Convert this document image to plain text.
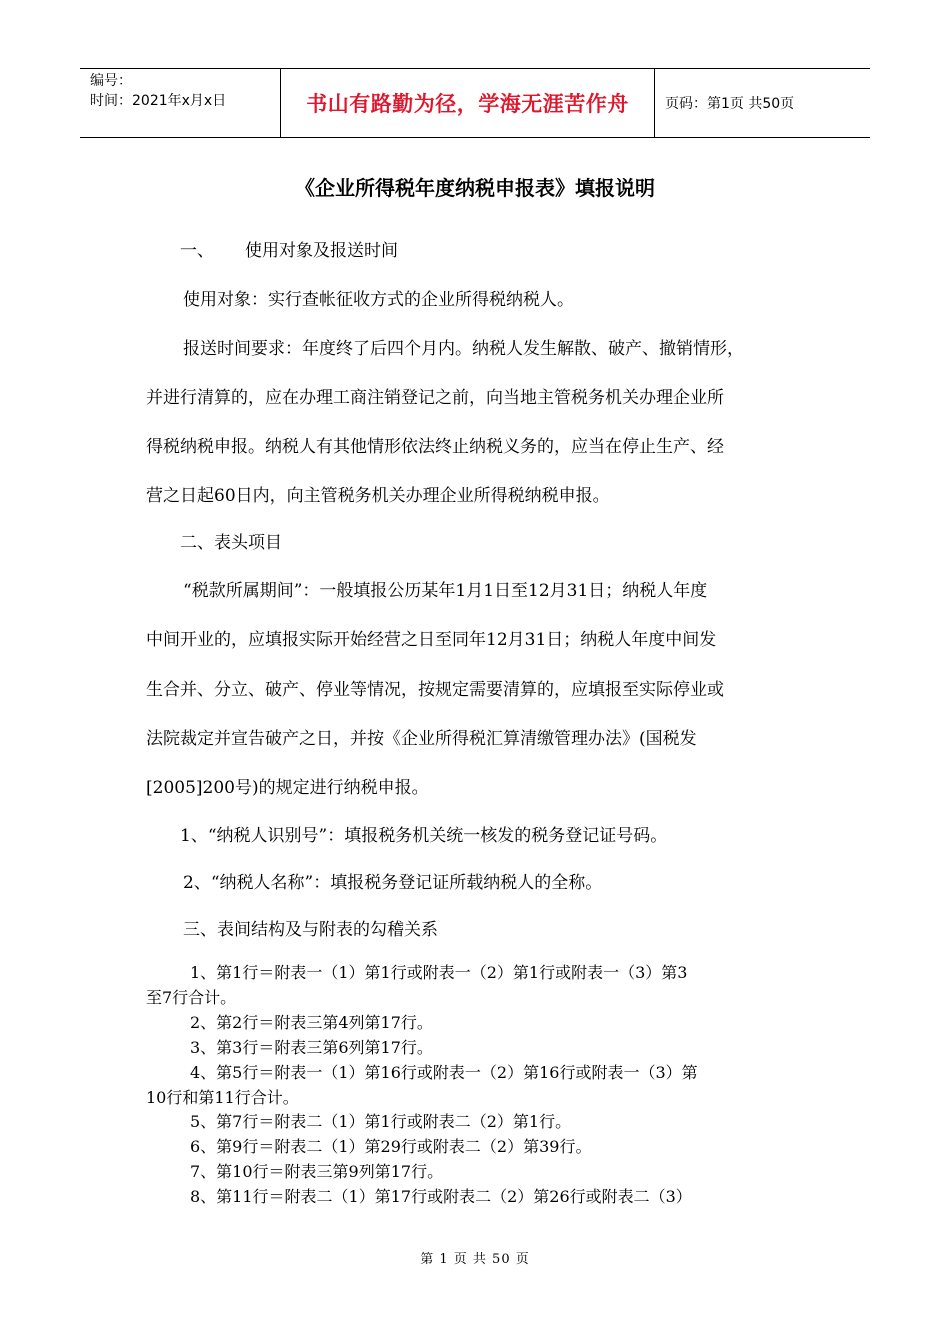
编号：
时间：2021年x月x日	书山有路勤为径，学海无涯苦作舟	页码：第1页 共50页
《企业所得税年度纳税申报表》填报说明
一、 使用对象及报送时间
使用对象：实行查帐征收方式的企业所得税纳税人。
报送时间要求：年度终了后四个月内。纳税人发生解散、破产、撤销情形，
并进行清算的，应在办理工商注销登记之前，向当地主管税务机关办理企业所
得税纳税申报。纳税人有其他情形依法终止纳税义务的，应当在停止生产、经
营之日起60日内，向主管税务机关办理企业所得税纳税申报。
二、表头项目
“税款所属期间”：一般填报公历某年1月1日至12月31日；纳税人年度
中间开业的，应填报实际开始经营之日至同年12月31日；纳税人年度中间发
生合并、分立、破产、停业等情况，按规定需要清算的，应填报至实际停业或
法院裁定并宣告破产之日，并按《企业所得税汇算清缴管理办法》(国税发
[2005]200号)的规定进行纳税申报。
1、“纳税人识别号”：填报税务机关统一核发的税务登记证号码。
2、“纳税人名称”：填报税务登记证所载纳税人的全称。
三、表间结构及与附表的勾稽关系
1、第1行＝附表一（1）第1行或附表一（2）第1行或附表一（3）第3
至7行合计。
2、第2行＝附表三第4列第17行。
3、第3行＝附表三第6列第17行。
4、第5行＝附表一（1）第16行或附表一（2）第16行或附表一（3）第
10行和第11行合计。
5、第7行＝附表二（1）第1行或附表二（2）第1行。
6、第9行＝附表二（1）第29行或附表二（2）第39行。
7、第10行＝附表三第9列第17行。
8、第11行＝附表二（1）第17行或附表二（2）第26行或附表二（3）
第 1 页 共 50 页
